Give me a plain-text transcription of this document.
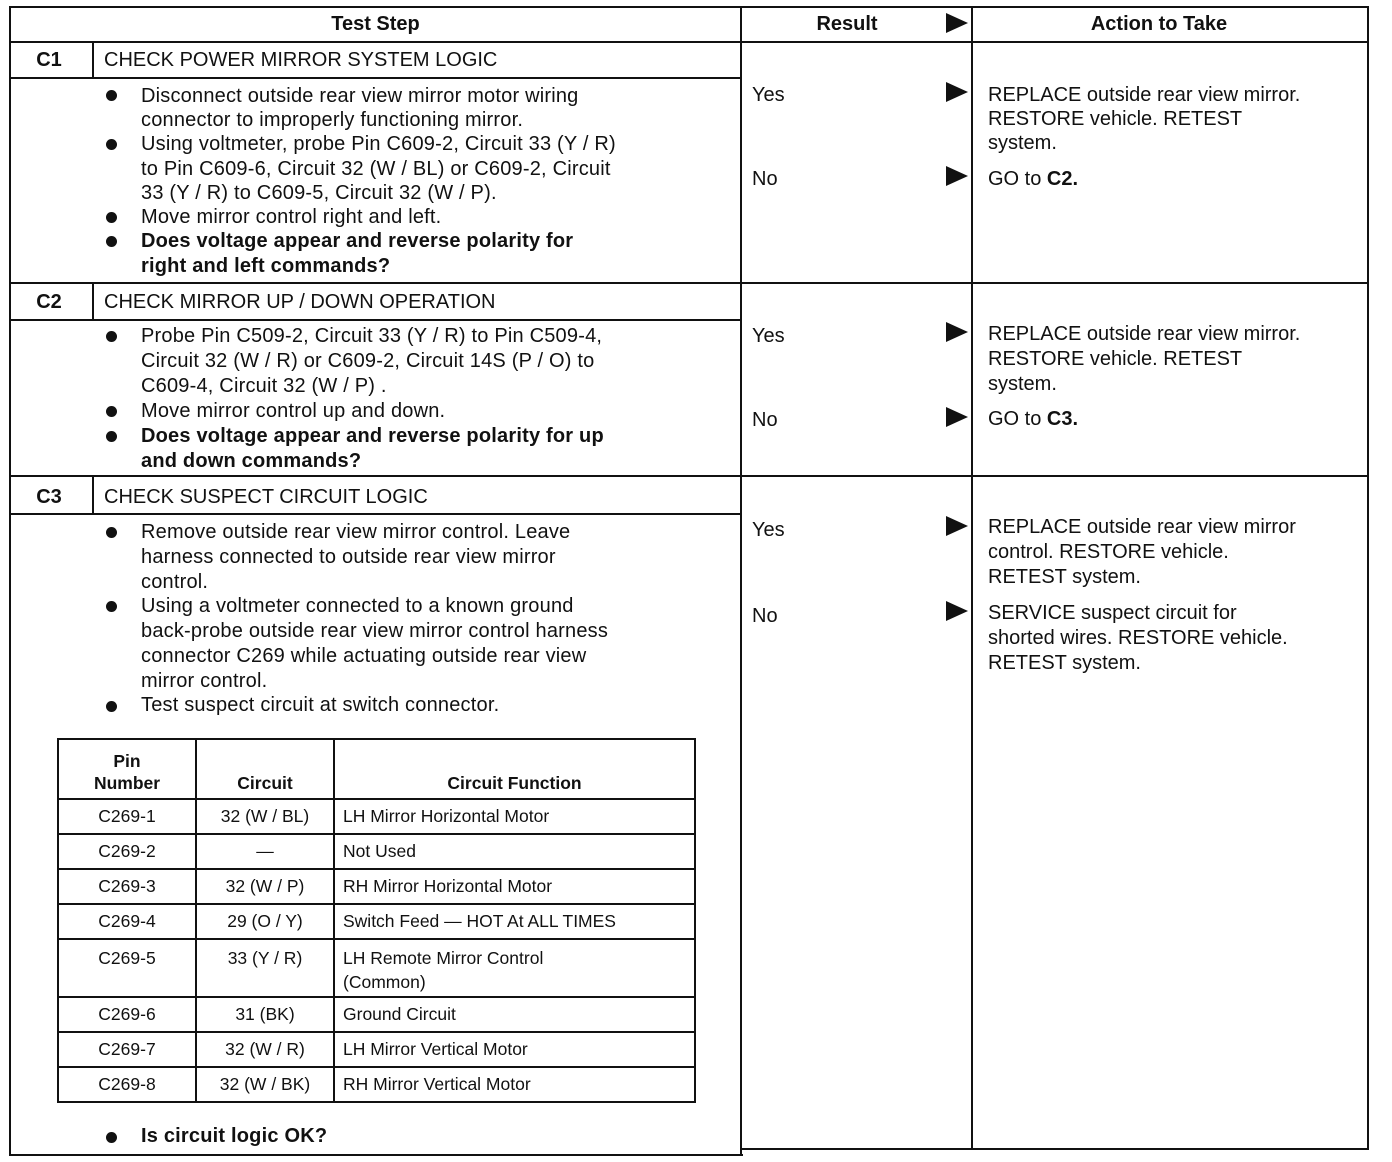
Test Step	Result	Action to Take
C1	CHECK POWER MIRROR SYSTEM LOGIC
Disconnect outside rear view mirror motor wiring
connector to improperly functioning mirror.
Using voltmeter, probe Pin C609-2, Circuit 33 (Y / R)
to Pin C609-6, Circuit 32 (W / BL) or C609-2, Circuit
33 (Y / R) to C609-5, Circuit 32 (W / P).
Move mirror control right and left.
Does voltage appear and reverse polarity for
right and left commands?
Yes	REPLACE outside rear view mirror.
RESTORE vehicle. RETEST
system.
No	GO to C2.
C2	CHECK MIRROR UP / DOWN OPERATION
Probe Pin C509-2, Circuit 33 (Y / R) to Pin C509-4,
Circuit 32 (W / R) or C609-2, Circuit 14S (P / O) to
C609-4, Circuit 32 (W / P) .
Move mirror control up and down.
Does voltage appear and reverse polarity for up
and down commands?
Yes	REPLACE outside rear view mirror.
RESTORE vehicle. RETEST
system.
No	GO to C3.
C3	CHECK SUSPECT CIRCUIT LOGIC
Remove outside rear view mirror control. Leave
harness connected to outside rear view mirror
control.
Using a voltmeter connected to a known ground
back-probe outside rear view mirror control harness
connector C269 while actuating outside rear view
mirror control.
Test suspect circuit at switch connector.
Pin
Number	Circuit	Circuit Function
C269-1	32 (W / BL)	LH Mirror Horizontal Motor
C269-2	—	Not Used
C269-3	32 (W / P)	RH Mirror Horizontal Motor
C269-4	29 (O / Y)	Switch Feed — HOT At ALL TIMES
C269-5	33 (Y / R)	LH Remote Mirror Control
(Common)
C269-6	31 (BK)	Ground Circuit
C269-7	32 (W / R)	LH Mirror Vertical Motor
C269-8	32 (W / BK)	RH Mirror Vertical Motor
Is circuit logic OK?
Yes	REPLACE outside rear view mirror
control. RESTORE vehicle.
RETEST system.
No	SERVICE suspect circuit for
shorted wires. RESTORE vehicle.
RETEST system.
